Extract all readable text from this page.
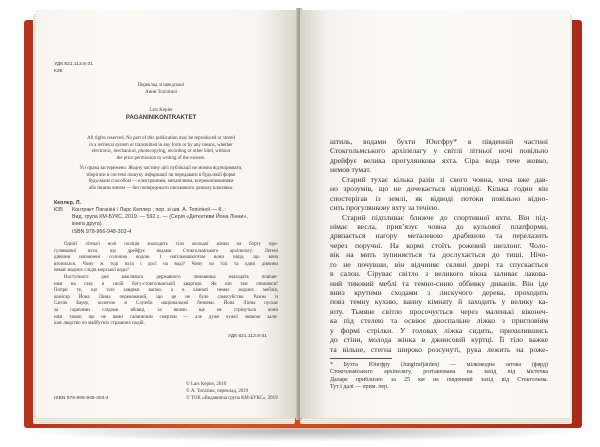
УДК 821.113.6-31
К35
Переклад зі шведської
Анни Топіліної
Lars Kepler
PAGANINIKONTRAKTET
All rights reserved. No part of this publication may be reproduced or stored
in a retrieval system or transmitted in any form or by any means, whether
electronic, mechanical, photocopying, recording or other kind, without
the prior permission in writing of the owners.
Усі права застережено. Жодну частину цієї публікації не можна відтворювати,
зберігати в системі пошуку інформації чи передавати в будь-якій формі
будь-яким способом — електронним, механічним, ксерокопіюванням
або іншим чином — без попереднього письмового дозволу власника.
Кеплер, Л.
К35 Контракт Паганіні / Ларс Кеплер ; пер. зі шв. А. Топіліної — К. :
Вид. група КМ-БУКС, 2019. — 592 с. — (Серія «Детективи Йона Лінни»,
книга друга).
ISBN 978-966-948-303-4
Однієї літньої ночі поліція знаходить тіло молодої жінки на борту про-
гулянкової яхти, що дрейфує водами Стокгольмського архіпелагу. Легені
дівчини наповнені солоною водою. І натільнашкіотом вони ніщо, що вона
втопилася. Чому ж тоді яхта і досі на воді? Чому на тілі та одязі дівчини
немає жодних слідів морської води?
Наступного дня важливого державного чиновника знаходять повіше-
ним на гаку в своїй богу-стокгольмській квартирі. Як він там опинився?
Попри те, що тіло завдяки вагою, а в кімнаті немає жодних меблів,
комісар Йона Лінна переконаний, що це не було самогубство. Разом із
Сагою Бауер, колегою зі Служби національної безпеки. Йона Лінна пускає
за гарячими слідами вбивці, за якими ще не стрінуться вони
ним такою ще не вами таємничим смертям — але дуже чужої змовою зали-
шає людство по майбутніх страшних подій.
УДК 821.113.6-31
© Lars Kepler, 2010
© А. Топіліна, переклад, 2019
© ТОВ «Видавнича група КМ-БУКС», 2019
ISBN 978-966-948-303-4
штиль, водами бухти Юнгфру* в південній частині
Стокгольмського архіпелагу у світлі літньої ночі повільно
дрейфує велика прогулянкова яхта. Сіра вода тече жовко,
немов тумат.
Старий тухає кілька разів зі свого човна, хоча вже дав-
но зрозумів, що не дочекається відповіді. Кілька годин він
спостерігав із землі, як відводі потоки повільно відно-
сить прогулянкову яхту за течією.
Старий підпливає ближче до спортивної яхти. Він під-
німає весла, прив’язує човна до кульової платформи,
дряпається нагору металевою драбиною та перелазить
через поручні. На кормі стоїть рожевий шезлонг. Чоло-
вік на мить зупиняється та дослухається до тиші. Нічо-
го не почувши, він відчиняє скляні двері та спускається
в салон. Сіруває світло з великого вікна заливає лакова-
ний тиковий меблі та темно-синю оббивку диванів. Він іде
вниз крутими сходами з лискучого дерева, проходить
повз темну кухню, ванну кімнату й заходить у велику ка-
юту. Тьмяне світло просочується через маленькі віконеч-
ка під стелею та освіює двоспальне ліжко з пригловіям
у формі стрілки. У головах ліжка сидить, прихилившись
до стіни, молода жінка в джинсовій куртці. Її тіло важке
та вільне, стегна широко розсунуті, рука лежить на роже-
* Бухта Юнгфру (Jungfrufjärden) — мілководна затока (фярд)
Стокгольмського архіпелагу, розташована на захід від містечка
Даларе приблизно за 25 км на південний захід від Стокгольма.
Тут і далі — прим. пер.
